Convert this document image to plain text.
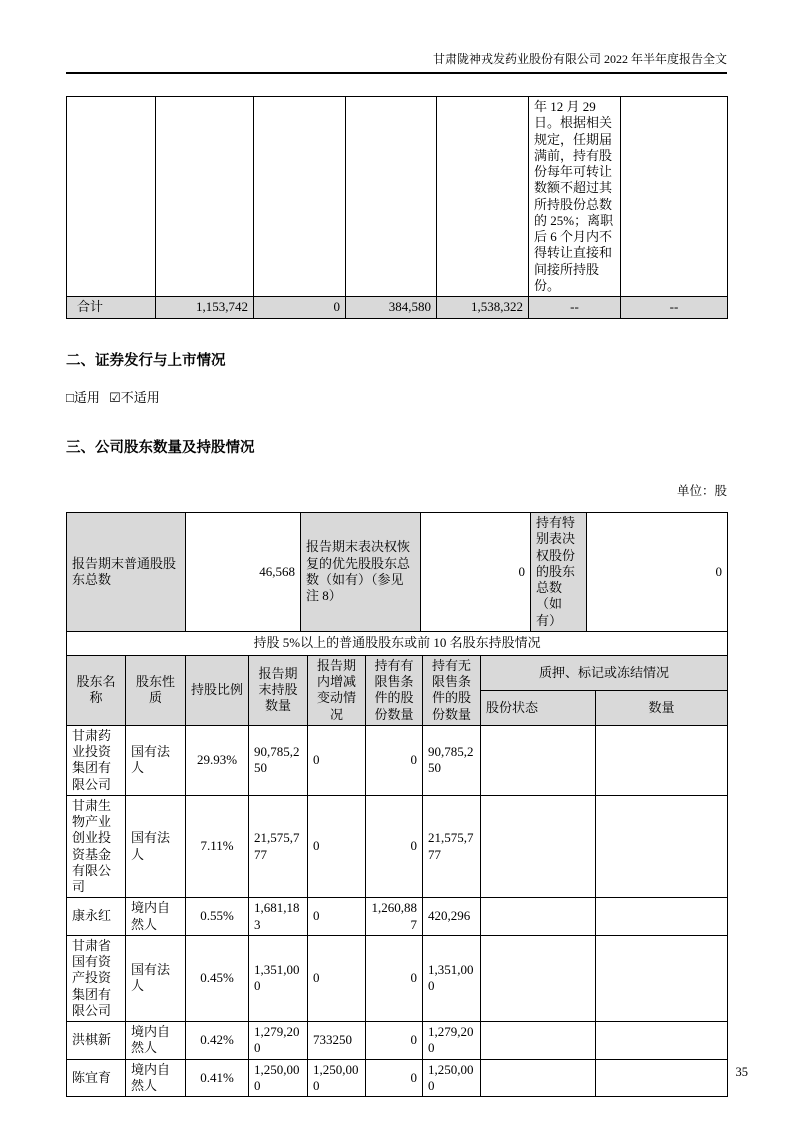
甘肃陇神戎发药业股份有限公司 2022 年半年度报告全文
					年 12 月 29 日。根据相关规定，任期届满前，持有股份每年可转让数额不超过其所持股份总数的 25%；离职后 6 个月内不得转让直接和间接所持股份。	
合计	1,153,742	0	384,580	1,538,322	--	--
二、证券发行与上市情况
□适用 ☑不适用
三、公司股东数量及持股情况
单位：股
报告期末普通股股东总数	46,568	报告期末表决权恢复的优先股股东总数（如有）（参见注 8）	0	持有特别表决权股份的股东总数（如有）	0
持股 5%以上的普通股股东或前 10 名股东持股情况								
股东名称	股东性质	持股比例	报告期末持股数量	报告期内增减变动情况	持有有限售条件的股份数量	持有无限售条件的股份数量	质押、标记或冻结情况	
							股份状态	数量
甘肃药业投资集团有限公司	国有法人	29.93%	90,785,250	0	0	90,785,250		
甘肃生物产业创业投资基金有限公司	国有法人	7.11%	21,575,777	0	0	21,575,777		
康永红	境内自然人	0.55%	1,681,183	0	1,260,887	420,296		
甘肃省国有资产投资集团有限公司	国有法人	0.45%	1,351,000	0	0	1,351,000		
洪棋新	境内自然人	0.42%	1,279,200	733250	0	1,279,200		
陈宜育	境内自然人	0.41%	1,250,000	1,250,000	0	1,250,000		
35
